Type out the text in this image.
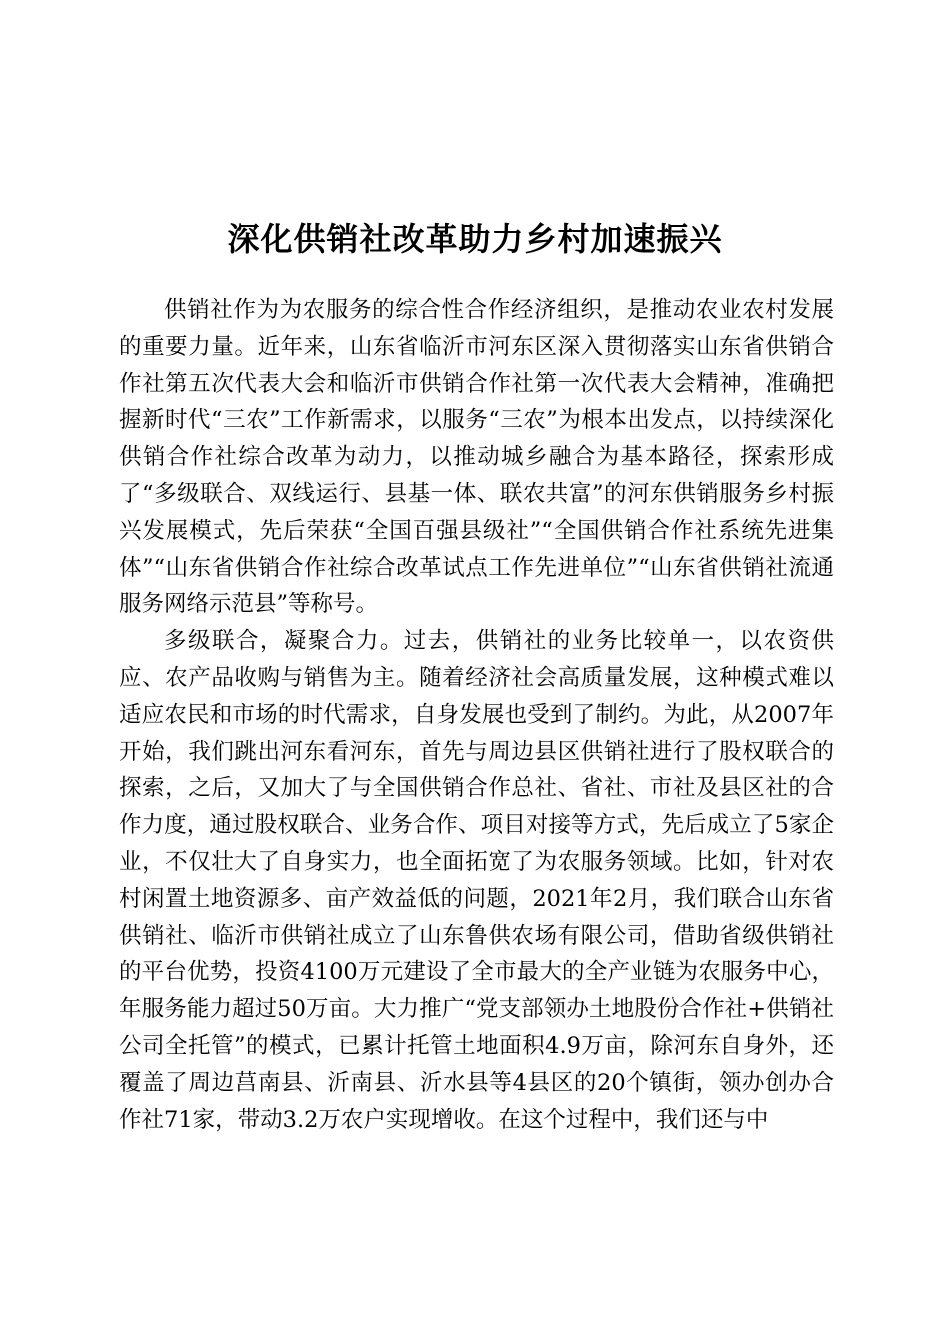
深化供销社改革助力乡村加速振兴

供销社作为为农服务的综合性合作经济组织，是推动农业农村发展的重要力量。近年来，山东省临沂市河东区深入贯彻落实山东省供销合作社第五次代表大会和临沂市供销合作社第一次代表大会精神，准确把握新时代“三农”工作新需求，以服务“三农”为根本出发点，以持续深化供销合作社综合改革为动力，以推动城乡融合为基本路径，探索形成了“多级联合、双线运行、县基一体、联农共富”的河东供销服务乡村振兴发展模式，先后荣获“全国百强县级社”“全国供销合作社系统先进集体”“山东省供销合作社综合改革试点工作先进单位”“山东省供销社流通服务网络示范县”等称号。

多级联合，凝聚合力。过去，供销社的业务比较单一，以农资供应、农产品收购与销售为主。随着经济社会高质量发展，这种模式难以适应农民和市场的时代需求，自身发展也受到了制约。为此，从2007年开始，我们跳出河东看河东，首先与周边县区供销社进行了股权联合的探索，之后，又加大了与全国供销合作总社、省社、市社及县区社的合作力度，通过股权联合、业务合作、项目对接等方式，先后成立了5家企业，不仅壮大了自身实力，也全面拓宽了为农服务领域。比如，针对农村闲置土地资源多、亩产效益低的问题，2021年2月，我们联合山东省供销社、临沂市供销社成立了山东鲁供农场有限公司，借助省级供销社的平台优势，投资4100万元建设了全市最大的全产业链为农服务中心，年服务能力超过50万亩。大力推广“党支部领办土地股份合作社+供销社公司全托管”的模式，已累计托管土地面积4.9万亩，除河东自身外，还覆盖了周边莒南县、沂南县、沂水县等4县区的20个镇街，领办创办合作社71家，带动3.2万农户实现增收。在这个过程中，我们还与中
